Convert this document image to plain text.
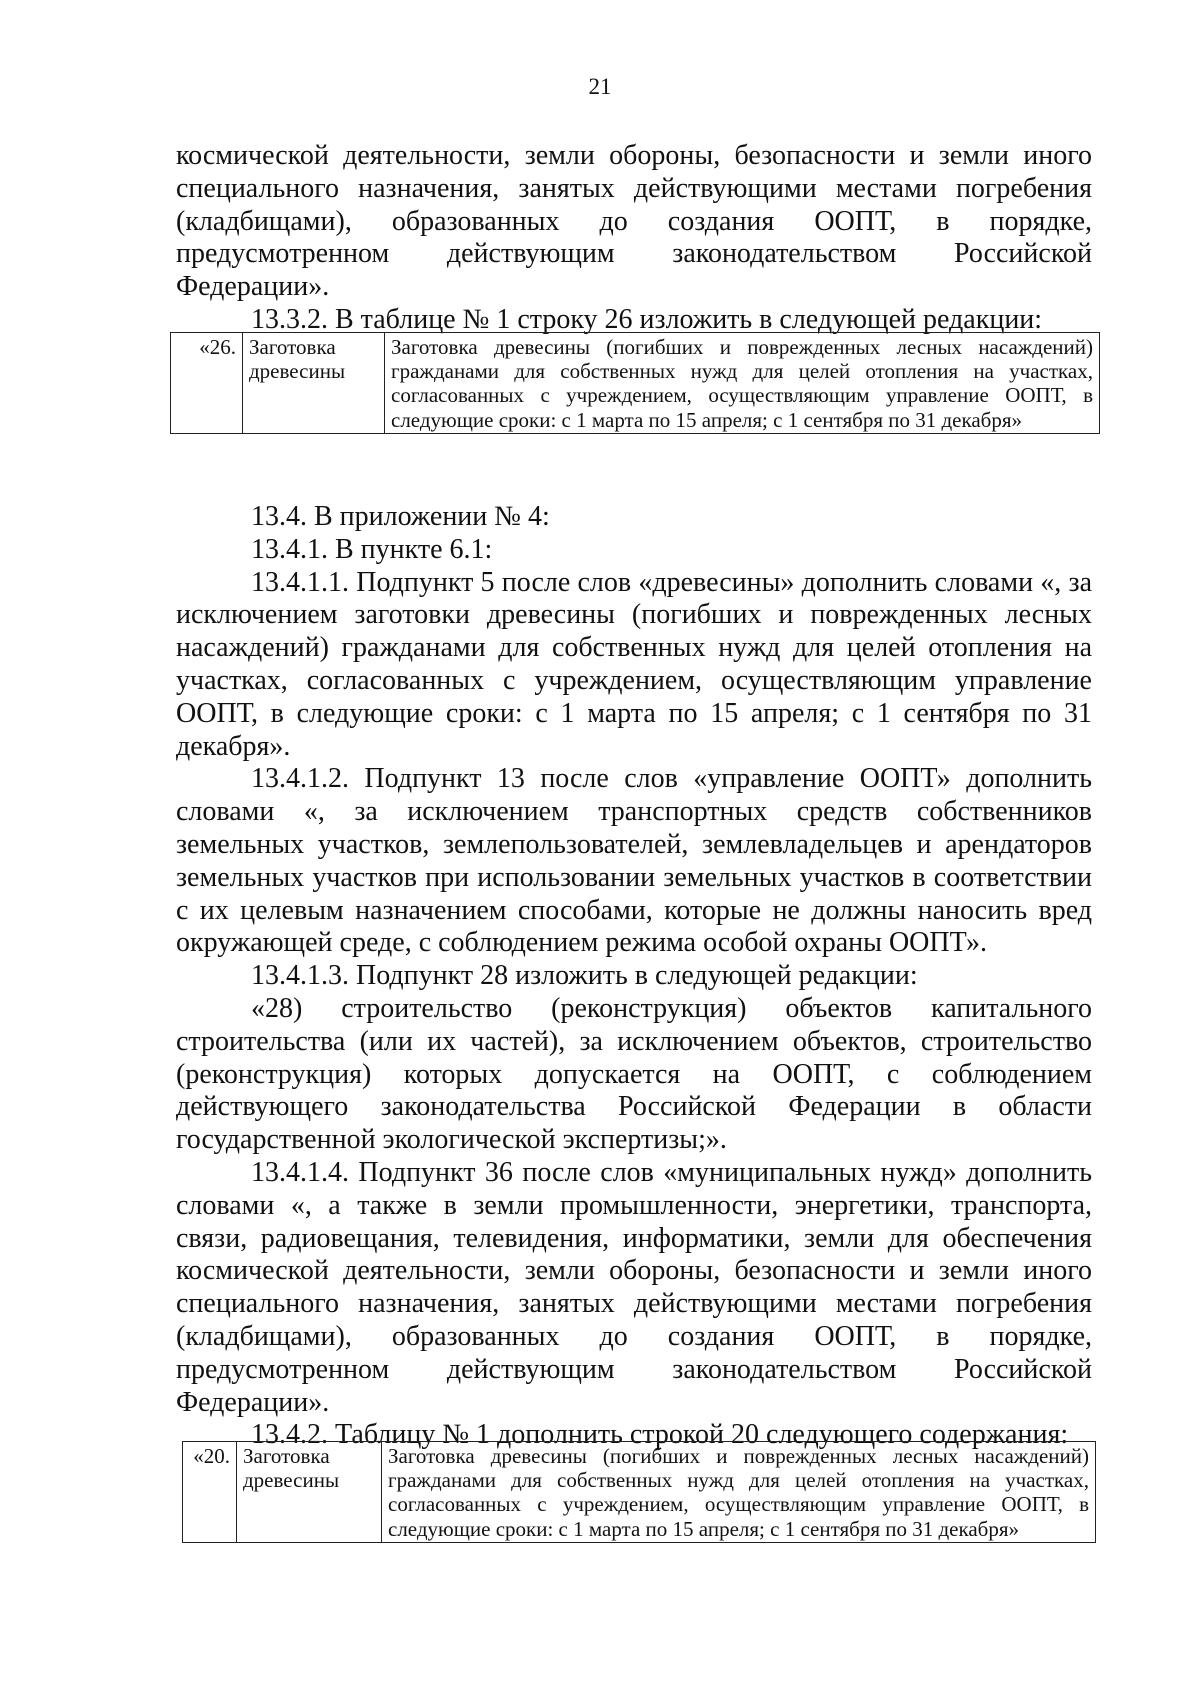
21

космической деятельности, земли обороны, безопасности и земли иного специального назначения, занятых действующими местами погребения (кладбищами), образованных до создания ООПТ, в порядке, предусмотренном действующим законодательством Российской Федерации».

13.3.2. В таблице № 1 строку 26 изложить в следующей редакции:

«26.	Заготовка древесины	Заготовка древесины (погибших и поврежденных лесных насаждений) гражданами для собственных нужд для целей отопления на участках, согласованных с учреждением, осуществляющим управление ООПТ, в следующие сроки: с 1 марта по 15 апреля; с 1 сентября по 31 декабря»

13.4. В приложении № 4:

13.4.1. В пункте 6.1:

13.4.1.1. Подпункт 5 после слов «древесины» дополнить словами «, за исключением заготовки древесины (погибших и поврежденных лесных насаждений) гражданами для собственных нужд для целей отопления на участках, согласованных с учреждением, осуществляющим управление ООПТ, в следующие сроки: с 1 марта по 15 апреля; с 1 сентября по 31 декабря».

13.4.1.2. Подпункт 13 после слов «управление ООПТ» дополнить словами «, за исключением транспортных средств собственников земельных участков, землепользователей, землевладельцев и арендаторов земельных участков при использовании земельных участков в соответствии с их целевым назначением способами, которые не должны наносить вред окружающей среде, с соблюдением режима особой охраны ООПТ».

13.4.1.3. Подпункт 28 изложить в следующей редакции:

«28) строительство (реконструкция) объектов капитального строительства (или их частей), за исключением объектов, строительство (реконструкция) которых допускается на ООПТ, с соблюдением действующего законодательства Российской Федерации в области государственной экологической экспертизы;».

13.4.1.4. Подпункт 36 после слов «муниципальных нужд» дополнить словами «, а также в земли промышленности, энергетики, транспорта, связи, радиовещания, телевидения, информатики, земли для обеспечения космической деятельности, земли обороны, безопасности и земли иного специального назначения, занятых действующими местами погребения (кладбищами), образованных до создания ООПТ, в порядке, предусмотренном действующим законодательством Российской Федерации».

13.4.2. Таблицу № 1 дополнить строкой 20 следующего содержания:

«20.	Заготовка древесины	Заготовка древесины (погибших и поврежденных лесных насаждений) гражданами для собственных нужд для целей отопления на участках, согласованных с учреждением, осуществляющим управление ООПТ, в следующие сроки: с 1 марта по 15 апреля; с 1 сентября по 31 декабря»
